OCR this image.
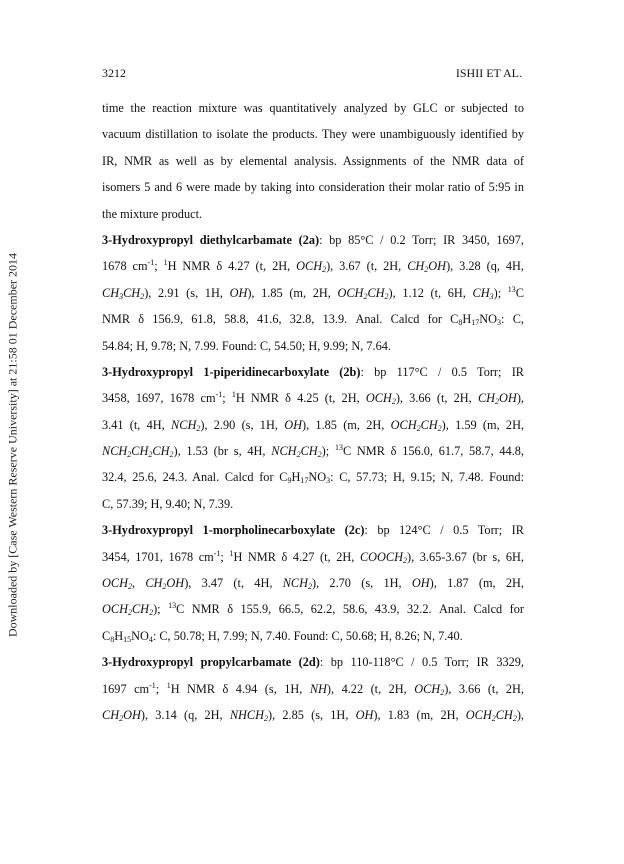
Downloaded by [Case Western Reserve University] at 21:58 01 December 2014
3212	ISHII ET AL.
time the reaction mixture was quantitatively analyzed by GLC or subjected to
vacuum distillation to isolate the products. They were unambiguously identified by
IR, NMR as well as by elemental analysis. Assignments of the NMR data of
isomers 5 and 6 were made by taking into consideration their molar ratio of 5:95 in
the mixture product.
3-Hydroxypropyl diethylcarbamate (2a): bp 85°C / 0.2 Torr; IR 3450, 1697,
1678 $cm^{-1}$; $^1$H NMR δ 4.27 (t, 2H, $OCH_2$), 3.67 (t, 2H, $CH_2OH$), 3.28 (q, 4H,
$CH_3CH_2$), 2.91 (s, 1H, OH), 1.85 (m, 2H, $OCH_2CH_2$), 1.12 (t, 6H, $CH_3$); $^{13}$C
NMR δ 156.9, 61.8, 58.8, 41.6, 32.8, 13.9. Anal. Calcd for $C_8H_{17}NO_3$: C,
54.84; H, 9.78; N, 7.99. Found: C, 54.50; H, 9.99; N, 7.64.
3-Hydroxypropyl 1-piperidinecarboxylate (2b): bp 117°C / 0.5 Torr; IR
3458, 1697, 1678 $cm^{-1}$; $^1$H NMR δ 4.25 (t, 2H, $OCH_2$), 3.66 (t, 2H, $CH_2OH$),
3.41 (t, 4H, $NCH_2$), 2.90 (s, 1H, OH), 1.85 (m, 2H, $OCH_2CH_2$), 1.59 (m, 2H,
$NCH_2CH_2CH_2$), 1.53 (br s, 4H, $NCH_2CH_2$); $^{13}$C NMR δ 156.0, 61.7, 58.7, 44.8,
32.4, 25.6, 24.3. Anal. Calcd for $C_9H_{17}NO_3$: C, 57.73; H, 9.15; N, 7.48. Found:
C, 57.39; H, 9.40; N, 7.39.
3-Hydroxypropyl 1-morpholinecarboxylate (2c): bp 124°C / 0.5 Torr; IR
3454, 1701, 1678 $cm^{-1}$; $^1$H NMR δ 4.27 (t, 2H, $COOCH_2$), 3.65-3.67 (br s, 6H,
$OCH_2$, $CH_2OH$), 3.47 (t, 4H, $NCH_2$), 2.70 (s, 1H, OH), 1.87 (m, 2H,
$OCH_2CH_2$); $^{13}$C NMR δ 155.9, 66.5, 62.2, 58.6, 43.9, 32.2. Anal. Calcd for
$C_8H_{15}NO_4$: C, 50.78; H, 7.99; N, 7.40. Found: C, 50.68; H, 8.26; N, 7.40.
3-Hydroxypropyl propylcarbamate (2d): bp 110-118°C / 0.5 Torr; IR 3329,
1697 $cm^{-1}$; $^1$H NMR δ 4.94 (s, 1H, NH), 4.22 (t, 2H, $OCH_2$), 3.66 (t, 2H,
$CH_2OH$), 3.14 (q, 2H, $NHCH_2$), 2.85 (s, 1H, OH), 1.83 (m, 2H, $OCH_2CH_2$),
